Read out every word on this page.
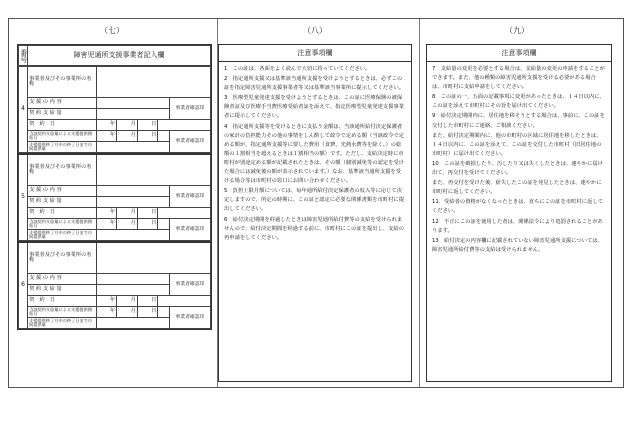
（七）	（八）	（九）
番号	障害児通所支援事業者記入欄
4	事業者及びその事業所の名称					
	支 援 の 内 容					事業者確認印
	契 約 支 給 量					
	契　約　日	年	月	日		
	当該契約支給量による支援提供開始日	年	月	日		事業者確認印
	支援提供終了月中の終了日までの既提供量					
5	事業者及びその事業所の名称					
	支 援 の 内 容					事業者確認印
	契 約 支 給 量					
	契　約　日	年	月	日		
	当該契約支給量による支援提供開始日	年	月	日		事業者確認印
	支援提供終了月中の終了日までの既提供量					
6	事業者及びその事業所の名称					
	支 援 の 内 容					事業者確認印
	契 約 支 給 量					
	契　約　日	年	月	日		
	当該契約支給量による支援提供開始日	年	月	日		事業者確認印
	支援提供終了月中の終了日までの既提供量					
注意事項欄

1　この証は、各面をよく読んで大切に持っていてください。

2　指定通所支援又は基準該当通所支援を受けようとするときは、必ずこの証を指定障害児通所支援事業者等又は基準該当事業所に提示してください。

3　医療型児童発達支援を受けようとするときは、この証に医療保険の被保険者証及び医療手当費医療受給者証を添えて、指定医療型児童発達支援事業者に提示してください。

4　指定通所支援等を受けるときに支払う金額は、当該通所給付決定保護者の家計の負担能力その他の事情をしん酌して政令で定める額（当該政令で定める額が、指定通所支援等に要した費用（食費、光熱水費等を除く。）の総額の１割相当を超えるときは１割相当の額）です。ただし、支給決定時に市町村が別途定める額が記載されたときは、その額（個別減免等の認定を受けた場合には減免後の額が表示されています。）なお、基準該当通所支援を受ける場合等は市町村の窓口にお問い合わせください。

5　負担上限月額については、毎年通所給付決定保護者の収入等に応じて決定しますので、所定の時期に、この証と認定に必要な関係書類を市町村に提出してください。

6　給付決定期間を経過したときは障害児通所給付費等の支給を受けられませんので、給付決定期間を経過する前に、市町村にこの証を提出し、支給の再申請をしてください。

注意事項欄

7　支給量の変更を必要とする場合は、支給量の変更の申請をすることができます。また、他の種類の障害児通所支援を受ける必要がある場合は、市町村に支給申請をしてください。

8　この証の一、五面の記載事項に変更があったときは、１４日以内に、この証を添えて市町村にその旨を届け出てください。

9　給付決定期間内に、居住地を移そうとする場合は、事前に、この証を交付した市町村にご連絡、ご相談ください。

また、給付決定期間内に、他の市町村の区域に居住地を移したときは、１４日以内に、この証を添えて、この証を交付した市町村（旧居住地の市町村）に届け出てください。

10　この証を破損したり、汚したり又は失くしたときは、速やかに届け出て、再交付を受けてください。

また、再交付を受けた後、紛失したこの証を発見したときは、速やかに市町村に返してください。

11　受給者の資格がなくなったときは、直ちにこの証を市町村に返してください。

12　不正にこの証を使用した者は、関係法令により処罰されることがあります。

13　給付決定の内容欄に記載されていない障害児通所支援については、障害児通所給付費等の支給は受けられません。
